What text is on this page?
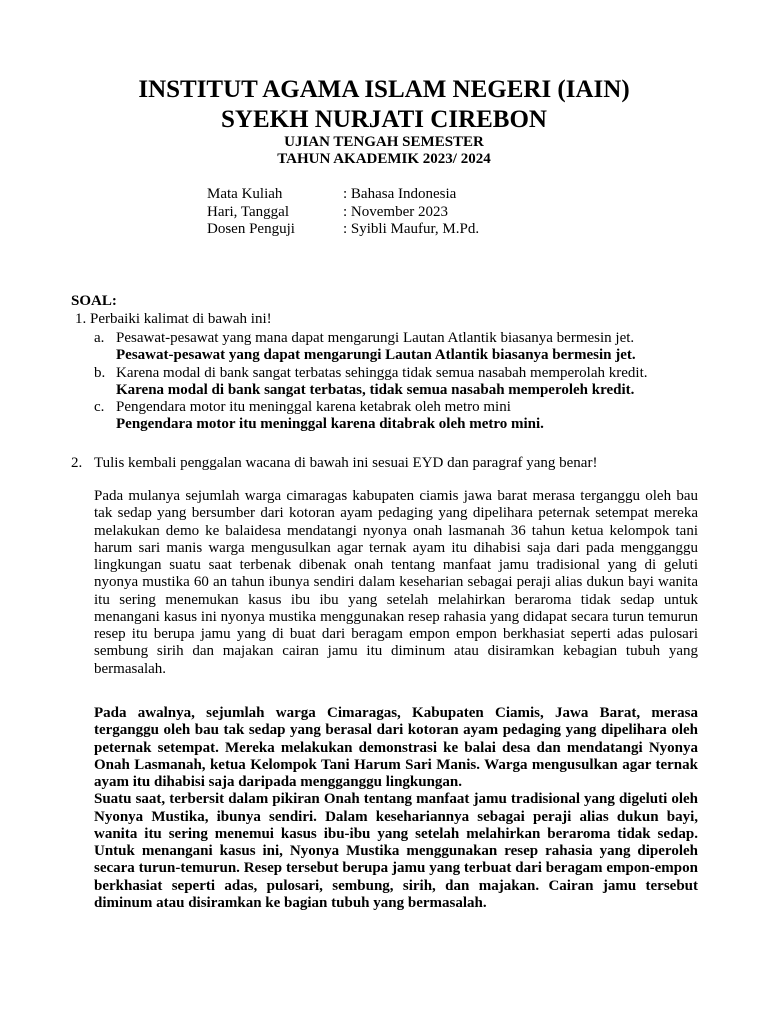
INSTITUT AGAMA ISLAM NEGERI (IAIN)
SYEKH NURJATI CIREBON
UJIAN TENGAH SEMESTER
TAHUN AKADEMIK 2023/ 2024
Mata Kuliah	: Bahasa Indonesia
Hari, Tanggal	: November 2023
Dosen Penguji	: Syibli Maufur, M.Pd.
SOAL:
1. Perbaiki kalimat di bawah ini!
a. Pesawat-pesawat yang mana dapat mengarungi Lautan Atlantik biasanya bermesin jet.
Pesawat-pesawat yang dapat mengarungi Lautan Atlantik biasanya bermesin jet.
b. Karena modal di bank sangat terbatas sehingga tidak semua nasabah memperolah kredit.
Karena modal di bank sangat terbatas, tidak semua nasabah memperoleh kredit.
c. Pengendara motor itu meninggal karena ketabrak oleh metro mini
Pengendara motor itu meninggal karena ditabrak oleh metro mini.
2. Tulis kembali penggalan wacana di bawah ini sesuai EYD dan paragraf yang benar!

Pada mulanya sejumlah warga cimaragas kabupaten ciamis jawa barat merasa terganggu oleh bau tak sedap yang bersumber dari kotoran ayam pedaging yang dipelihara peternak setempat mereka melakukan demo ke balaidesa mendatangi nyonya onah lasmanah 36 tahun ketua kelompok tani harum sari manis warga mengusulkan agar ternak ayam itu dihabisi saja dari pada mengganggu lingkungan suatu saat terbenak dibenak onah tentang manfaat jamu tradisional yang di geluti nyonya mustika 60 an tahun ibunya sendiri dalam keseharian sebagai peraji alias dukun bayi wanita itu sering menemukan kasus ibu ibu yang setelah melahirkan beraroma tidak sedap untuk menangani kasus ini nyonya mustika menggunakan resep rahasia yang didapat secara turun temurun resep itu berupa jamu yang di buat dari beragam empon empon berkhasiat seperti adas pulosari sembung sirih dan majakan cairan jamu itu diminum atau disiramkan kebagian tubuh yang bermasalah.

Pada awalnya, sejumlah warga Cimaragas, Kabupaten Ciamis, Jawa Barat, merasa terganggu oleh bau tak sedap yang berasal dari kotoran ayam pedaging yang dipelihara oleh peternak setempat. Mereka melakukan demonstrasi ke balai desa dan mendatangi Nyonya Onah Lasmanah, ketua Kelompok Tani Harum Sari Manis. Warga mengusulkan agar ternak ayam itu dihabisi saja daripada mengganggu lingkungan.

Suatu saat, terbersit dalam pikiran Onah tentang manfaat jamu tradisional yang digeluti oleh Nyonya Mustika, ibunya sendiri. Dalam kesehariannya sebagai peraji alias dukun bayi, wanita itu sering menemui kasus ibu-ibu yang setelah melahirkan beraroma tidak sedap. Untuk menangani kasus ini, Nyonya Mustika menggunakan resep rahasia yang diperoleh secara turun-temurun. Resep tersebut berupa jamu yang terbuat dari beragam empon-empon berkhasiat seperti adas, pulosari, sembung, sirih, dan majakan. Cairan jamu tersebut diminum atau disiramkan ke bagian tubuh yang bermasalah.
